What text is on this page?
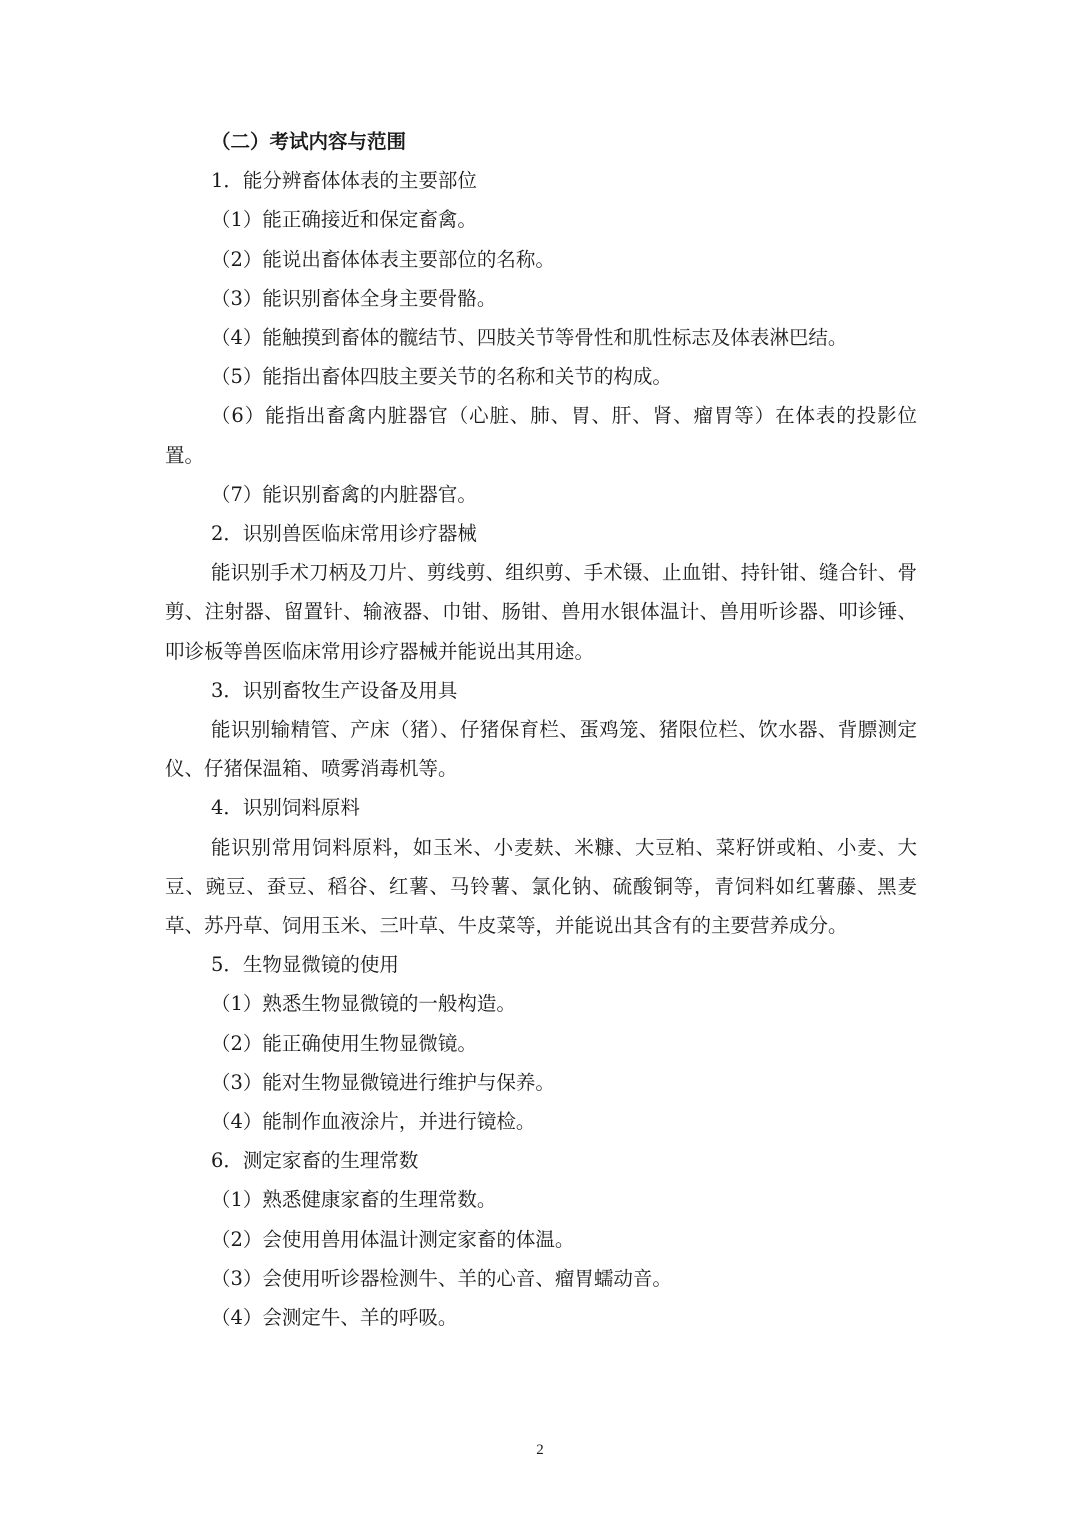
（二）考试内容与范围

1．能分辨畜体体表的主要部位

（1）能正确接近和保定畜禽。

（2）能说出畜体体表主要部位的名称。

（3）能识别畜体全身主要骨骼。

（4）能触摸到畜体的髋结节、四肢关节等骨性和肌性标志及体表淋巴结。

（5）能指出畜体四肢主要关节的名称和关节的构成。

（6）能指出畜禽内脏器官（心脏、肺、胃、肝、肾、瘤胃等）在体表的投影位置。

（7）能识别畜禽的内脏器官。

2．识别兽医临床常用诊疗器械

能识别手术刀柄及刀片、剪线剪、组织剪、手术镊、止血钳、持针钳、缝合针、骨剪、注射器、留置针、输液器、巾钳、肠钳、兽用水银体温计、兽用听诊器、叩诊锤、叩诊板等兽医临床常用诊疗器械并能说出其用途。

3．识别畜牧生产设备及用具

能识别输精管、产床（猪）、仔猪保育栏、蛋鸡笼、猪限位栏、饮水器、背膘测定仪、仔猪保温箱、喷雾消毒机等。

4．识别饲料原料

能识别常用饲料原料，如玉米、小麦麸、米糠、大豆粕、菜籽饼或粕、小麦、大豆、豌豆、蚕豆、稻谷、红薯、马铃薯、氯化钠、硫酸铜等，青饲料如红薯藤、黑麦草、苏丹草、饲用玉米、三叶草、牛皮菜等，并能说出其含有的主要营养成分。

5．生物显微镜的使用

（1）熟悉生物显微镜的一般构造。

（2）能正确使用生物显微镜。

（3）能对生物显微镜进行维护与保养。

（4）能制作血液涂片，并进行镜检。

6．测定家畜的生理常数

（1）熟悉健康家畜的生理常数。

（2）会使用兽用体温计测定家畜的体温。

（3）会使用听诊器检测牛、羊的心音、瘤胃蠕动音。

（4）会测定牛、羊的呼吸。

2
